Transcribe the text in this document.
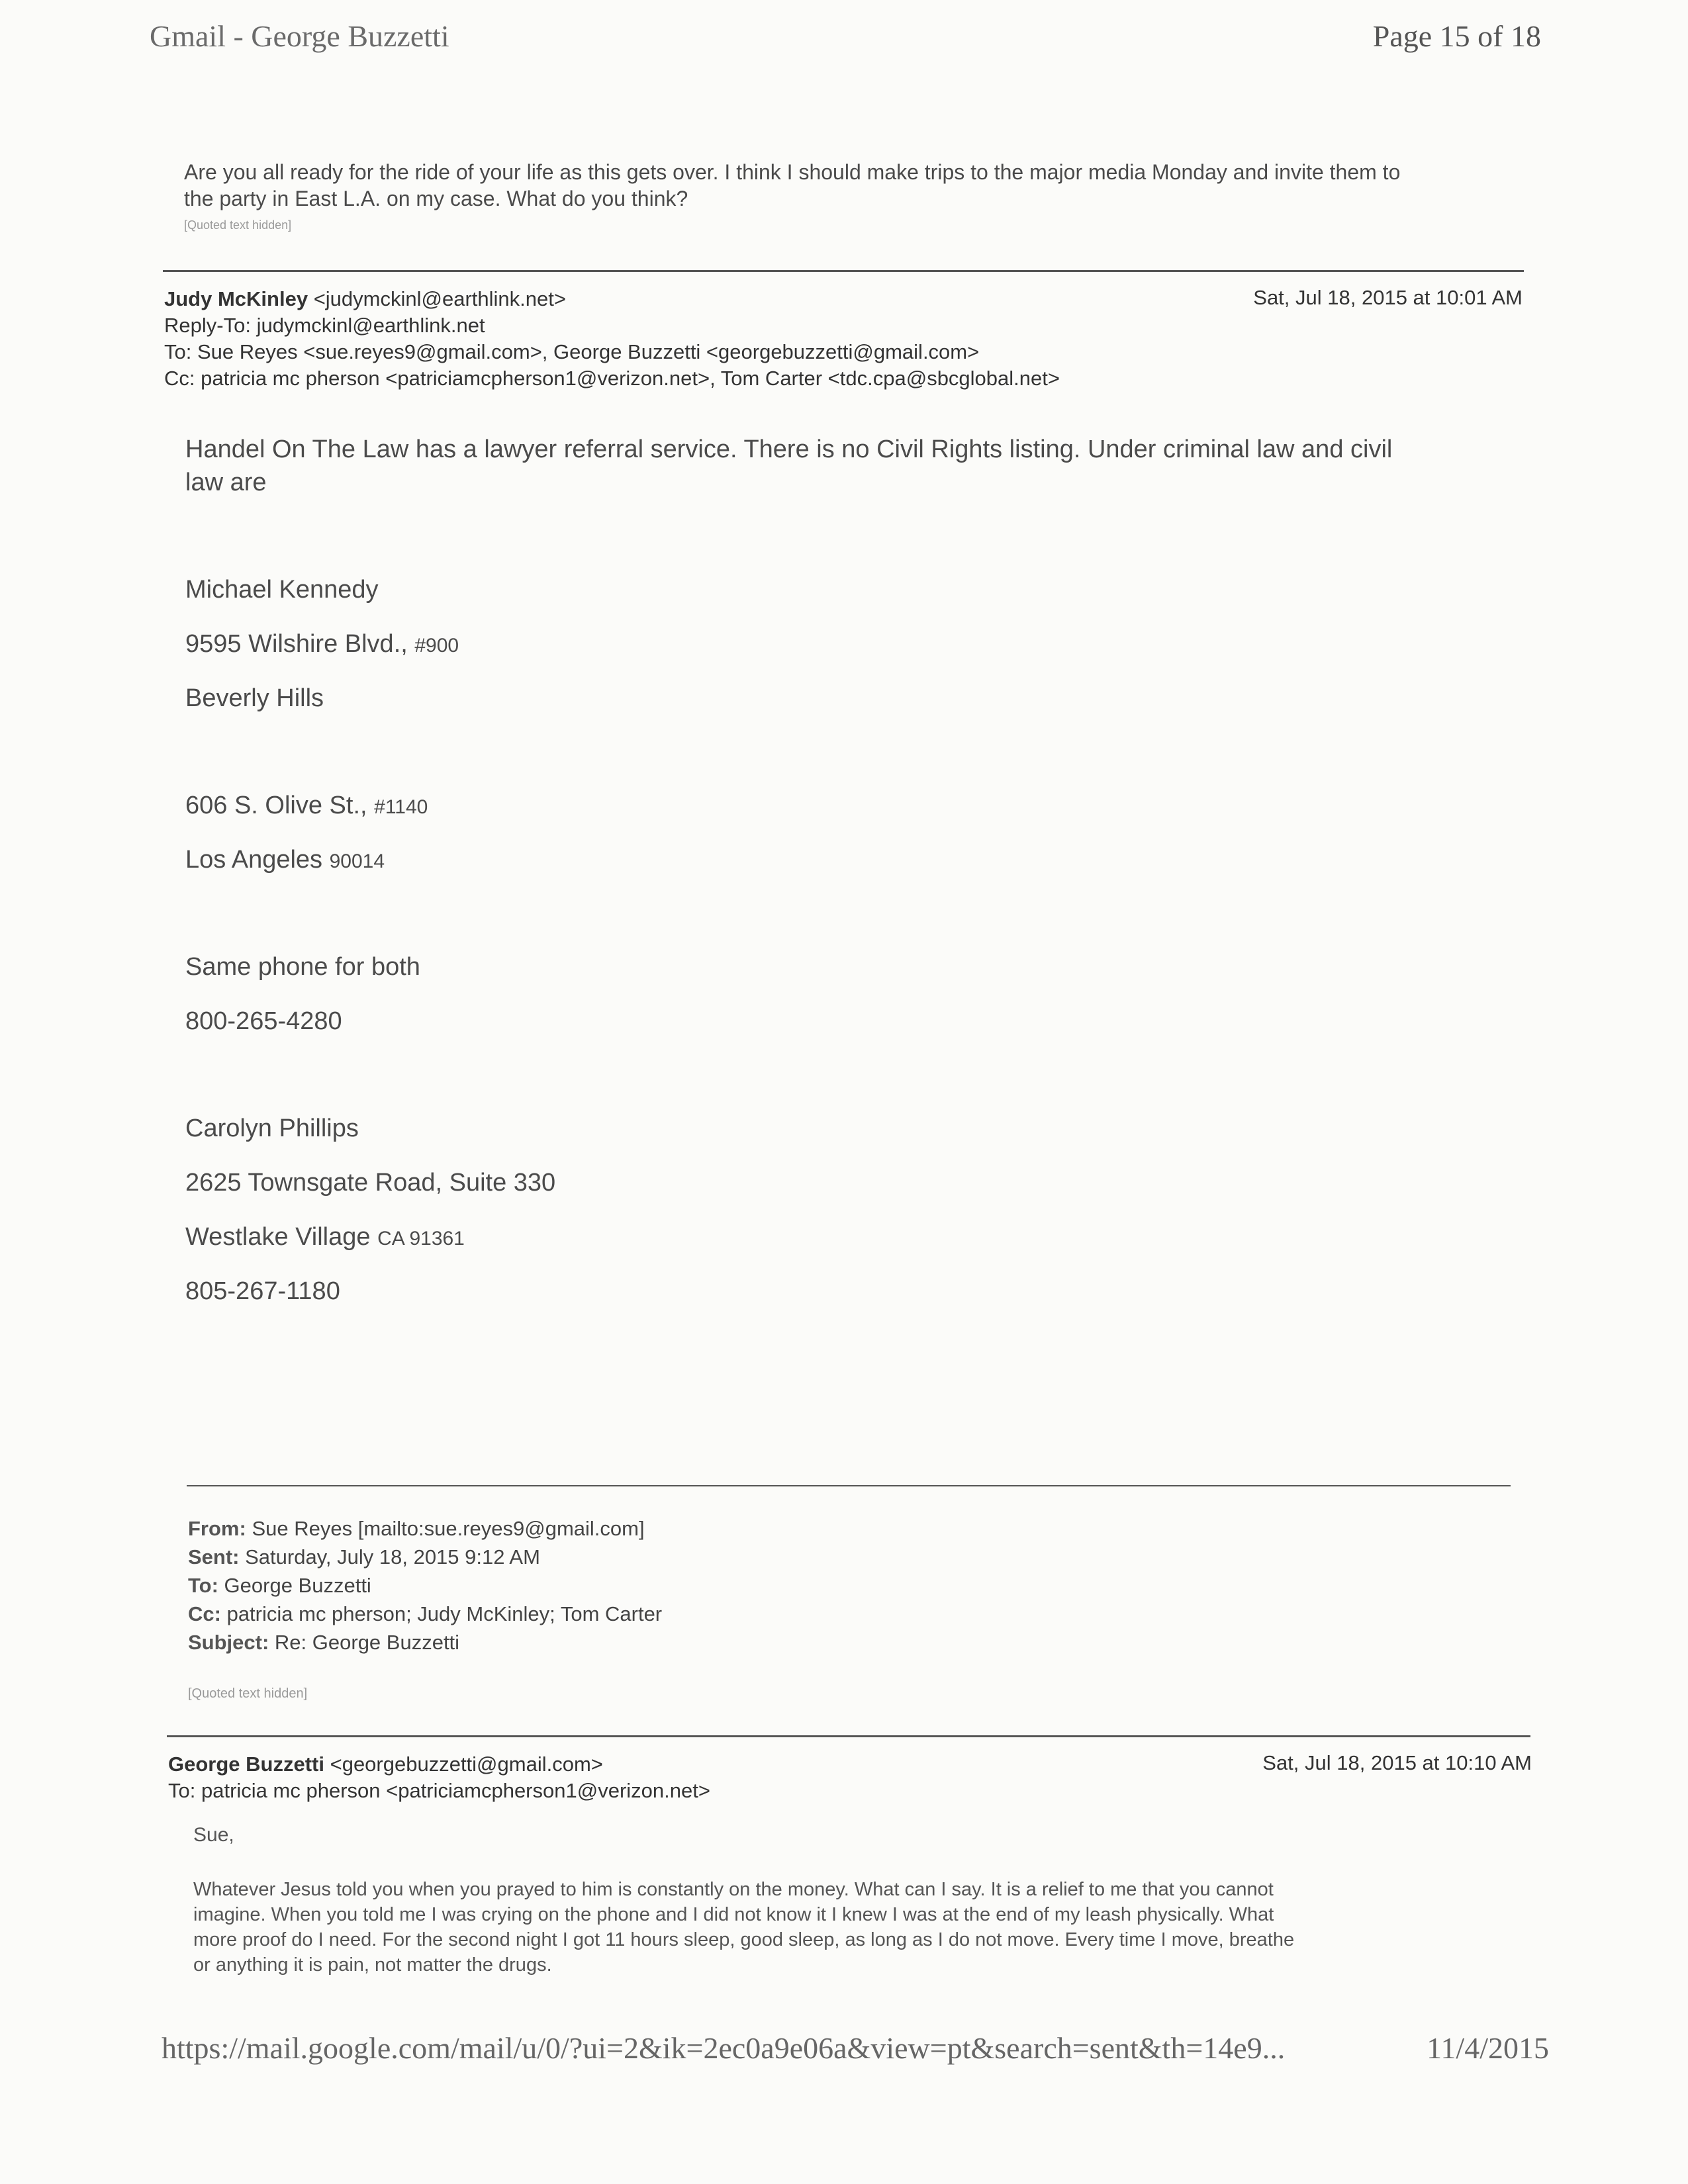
Gmail - George Buzzetti	Page 15 of 18
Are you all ready for the ride of your life as this gets over. I think I should make trips to the major media Monday and invite them to
the party in East L.A. on my case. What do you think?
[Quoted text hidden]
Judy McKinley <judymckinl@earthlink.net>
Reply-To: judymckinl@earthlink.net
To: Sue Reyes <sue.reyes9@gmail.com>, George Buzzetti <georgebuzzetti@gmail.com>
Cc: patricia mc pherson <patriciamcpherson1@verizon.net>, Tom Carter <tdc.cpa@sbcglobal.net>
Sat, Jul 18, 2015 at 10:01 AM
Handel On The Law has a lawyer referral service. There is no Civil Rights listing. Under criminal law and civil
law are
Michael Kennedy
9595 Wilshire Blvd., #900
Beverly Hills
606 S. Olive St., #1140
Los Angeles 90014
Same phone for both
800-265-4280
Carolyn Phillips
2625 Townsgate Road, Suite 330
Westlake Village CA 91361
805-267-1180
From: Sue Reyes [mailto:sue.reyes9@gmail.com]
Sent: Saturday, July 18, 2015 9:12 AM
To: George Buzzetti
Cc: patricia mc pherson; Judy McKinley; Tom Carter
Subject: Re: George Buzzetti
[Quoted text hidden]
George Buzzetti <georgebuzzetti@gmail.com>
To: patricia mc pherson <patriciamcpherson1@verizon.net>
Sat, Jul 18, 2015 at 10:10 AM
Sue,
Whatever Jesus told you when you prayed to him is constantly on the money. What can I say. It is a relief to me that you cannot
imagine. When you told me I was crying on the phone and I did not know it I knew I was at the end of my leash physically. What
more proof do I need. For the second night I got 11 hours sleep, good sleep, as long as I do not move. Every time I move, breathe
or anything it is pain, not matter the drugs.
https://mail.google.com/mail/u/0/?ui=2&ik=2ec0a9e06a&view=pt&search=sent&th=14e9...	11/4/2015
